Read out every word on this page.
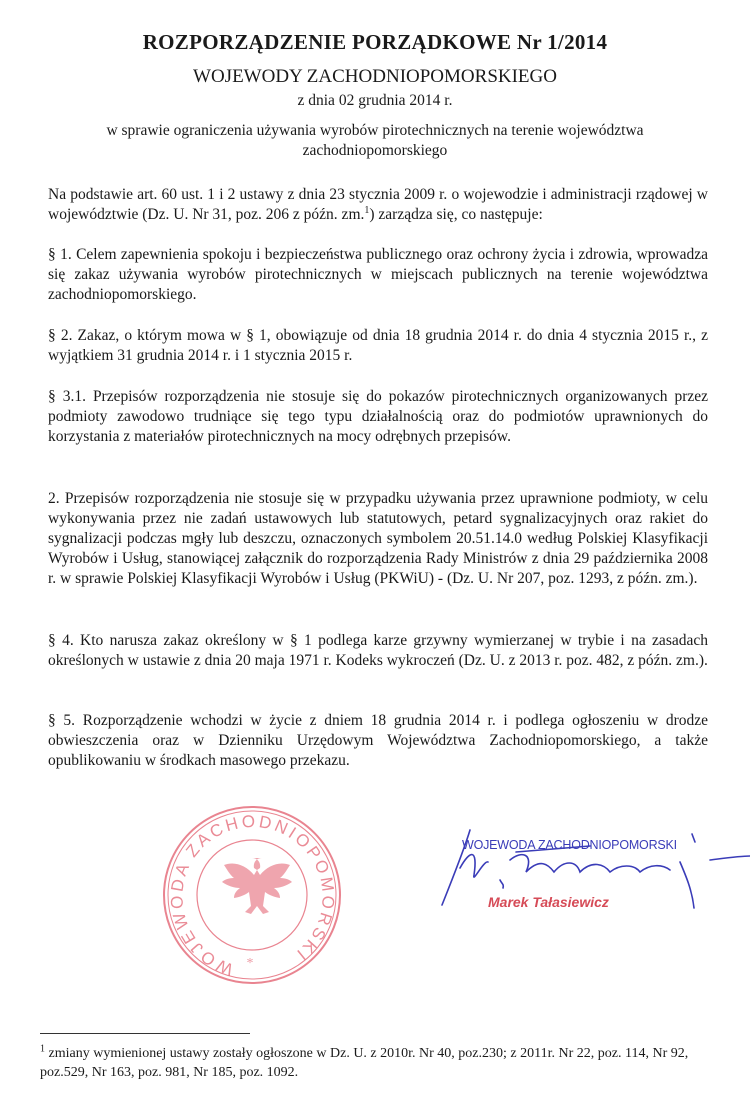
ROZPORZĄDZENIE PORZĄDKOWE Nr 1/2014
WOJEWODY ZACHODNIOPOMORSKIEGO
z dnia 02 grudnia 2014 r.
w sprawie ograniczenia używania wyrobów pirotechnicznych na terenie województwa zachodniopomorskiego
Na podstawie art. 60 ust. 1 i 2 ustawy z dnia 23 stycznia 2009 r. o wojewodzie i administracji rządowej w województwie (Dz. U. Nr 31, poz. 206 z późn. zm.$^1$) zarządza się, co następuje:
§ 1. Celem zapewnienia spokoju i bezpieczeństwa publicznego oraz ochrony życia i zdrowia, wprowadza się zakaz używania wyrobów pirotechnicznych w miejscach publicznych na terenie województwa zachodniopomorskiego.
§ 2. Zakaz, o którym mowa w § 1, obowiązuje od dnia 18 grudnia 2014 r. do dnia 4 stycznia 2015 r., z wyjątkiem 31 grudnia 2014 r. i 1 stycznia 2015 r.
§ 3.1. Przepisów rozporządzenia nie stosuje się do pokazów pirotechnicznych organizowanych przez podmioty zawodowo trudniące się tego typu działalnością oraz do podmiotów uprawnionych do korzystania z materiałów pirotechnicznych na mocy odrębnych przepisów.
2. Przepisów rozporządzenia nie stosuje się w przypadku używania przez uprawnione podmioty, w celu wykonywania przez nie zadań ustawowych lub statutowych, petard sygnalizacyjnych oraz rakiet do sygnalizacji podczas mgły lub deszczu, oznaczonych symbolem 20.51.14.0 według Polskiej Klasyfikacji Wyrobów i Usług, stanowiącej załącznik do rozporządzenia Rady Ministrów z dnia 29 października 2008 r. w sprawie Polskiej Klasyfikacji Wyrobów i Usług (PKWiU) - (Dz. U. Nr 207, poz. 1293, z późn. zm.).
§ 4. Kto narusza zakaz określony w § 1 podlega karze grzywny wymierzanej w trybie i na zasadach określonych w ustawie z dnia 20 maja 1971 r. Kodeks wykroczeń (Dz. U. z 2013 r. poz. 482, z późn. zm.).
§ 5. Rozporządzenie wchodzi w życie z dniem 18 grudnia 2014 r. i podlega ogłoszeniu w drodze obwieszczenia oraz w Dzienniku Urzędowym Województwa Zachodniopomorskiego, a także opublikowaniu w środkach masowego przekazu.
WOJEWODA ZACHODNIOPOMORSKI
*
WOJEWODA ZACHODNIOPOMORSKI
Marek Tałasiewicz
$^1$ zmiany wymienionej ustawy zostały ogłoszone w Dz. U. z 2010r. Nr 40, poz.230; z 2011r. Nr 22, poz. 114, Nr 92, poz.529, Nr 163, poz. 981, Nr 185, poz. 1092.
